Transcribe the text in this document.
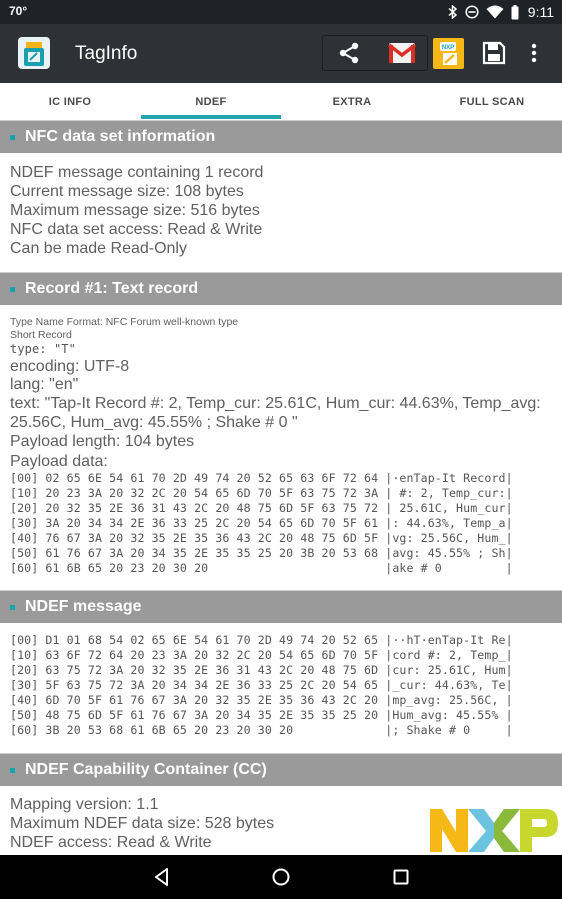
70°	9:11
TagInfo	NXP
IC INFO	NDEF	EXTRA	FULL SCAN
NFC data set information
NDEF message containing 1 record
Current message size: 108 bytes
Maximum message size: 516 bytes
NFC data set access: Read & Write
Can be made Read-Only
Record #1: Text record
Type Name Format: NFC Forum well-known type
Short Record
type: "T"
encoding: UTF-8
lang: "en"
text: "Tap-It Record #: 2, Temp_cur: 25.61C, Hum_cur: 44.63%, Temp_avg:
25.56C, Hum_avg: 45.55% ; Shake # 0 "
Payload length: 104 bytes
Payload data:
[00] 02 65 6E 54 61 70 2D 49 74 20 52 65 63 6F 72 64 |·enTap-It Record|
[10] 20 23 3A 20 32 2C 20 54 65 6D 70 5F 63 75 72 3A | #: 2, Temp_cur:|
[20] 20 32 35 2E 36 31 43 2C 20 48 75 6D 5F 63 75 72 | 25.61C, Hum_cur|
[30] 3A 20 34 34 2E 36 33 25 2C 20 54 65 6D 70 5F 61 |: 44.63%, Temp_a|
[40] 76 67 3A 20 32 35 2E 35 36 43 2C 20 48 75 6D 5F |vg: 25.56C, Hum_|
[50] 61 76 67 3A 20 34 35 2E 35 35 25 20 3B 20 53 68 |avg: 45.55% ; Sh|
[60] 61 6B 65 20 23 20 30 20                         |ake # 0         |
NDEF message
[00] D1 01 68 54 02 65 6E 54 61 70 2D 49 74 20 52 65 |··hT·enTap-It Re|
[10] 63 6F 72 64 20 23 3A 20 32 2C 20 54 65 6D 70 5F |cord #: 2, Temp_|
[20] 63 75 72 3A 20 32 35 2E 36 31 43 2C 20 48 75 6D |cur: 25.61C, Hum|
[30] 5F 63 75 72 3A 20 34 34 2E 36 33 25 2C 20 54 65 |_cur: 44.63%, Te|
[40] 6D 70 5F 61 76 67 3A 20 32 35 2E 35 36 43 2C 20 |mp_avg: 25.56C, |
[50] 48 75 6D 5F 61 76 67 3A 20 34 35 2E 35 35 25 20 |Hum_avg: 45.55% |
[60] 3B 20 53 68 61 6B 65 20 23 20 30 20             |; Shake # 0     |
NDEF Capability Container (CC)
Mapping version: 1.1
Maximum NDEF data size: 528 bytes
NDEF access: Read & Write
